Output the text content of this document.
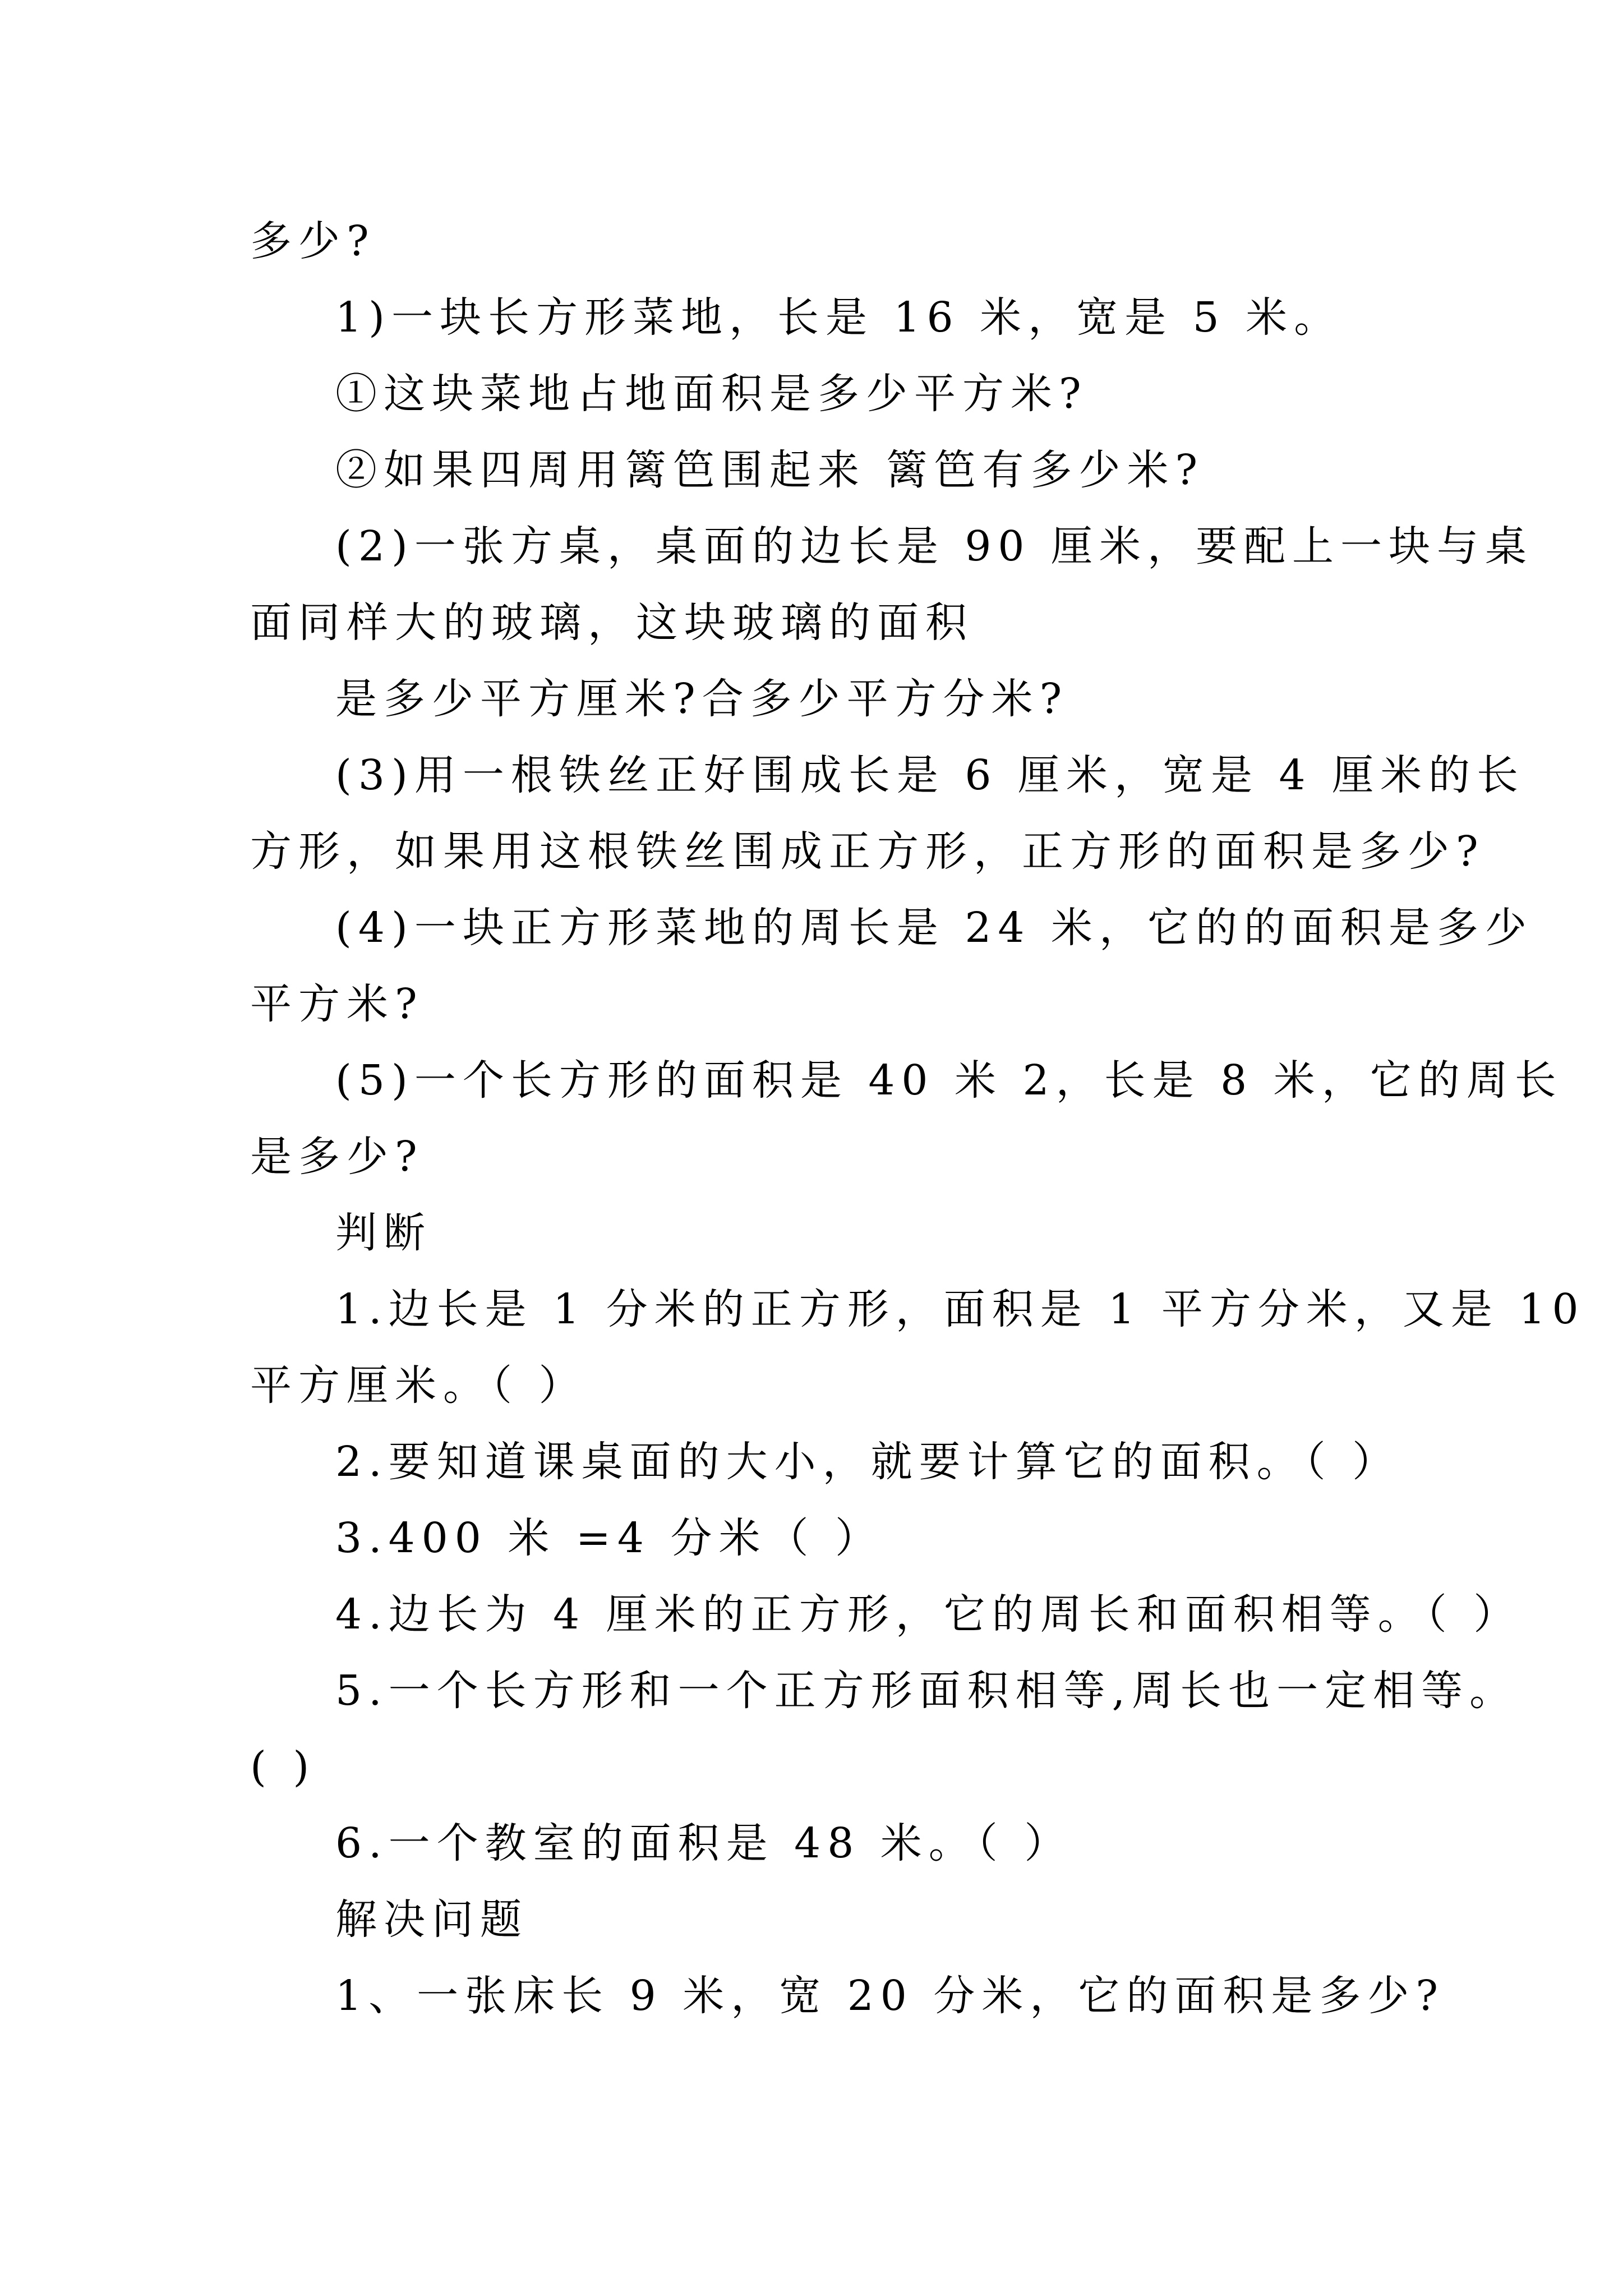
多少?
1)一块长方形菜地，长是 16 米，宽是 5 米。
①这块菜地占地面积是多少平方米?
②如果四周用篱笆围起来 篱笆有多少米?
(2)一张方桌，桌面的边长是 90 厘米，要配上一块与桌
面同样大的玻璃，这块玻璃的面积
是多少平方厘米?合多少平方分米?
(3)用一根铁丝正好围成长是 6 厘米，宽是 4 厘米的长
方形，如果用这根铁丝围成正方形，正方形的面积是多少?
(4)一块正方形菜地的周长是 24 米，它的的面积是多少
平方米?
(5)一个长方形的面积是 40 米 2，长是 8 米，它的周长
是多少?
判断
1.边长是 1 分米的正方形，面积是 1 平方分米，又是 10
平方厘米。（ ）
2.要知道课桌面的大小，就要计算它的面积。（ ）
3.400 米 =4 分米（ ）
4.边长为 4 厘米的正方形，它的周长和面积相等。（ ）
5.一个长方形和一个正方形面积相等,周长也一定相等。
( )
6.一个教室的面积是 48 米。（ ）
解决问题
1、一张床长 9 米，宽 20 分米，它的面积是多少?
